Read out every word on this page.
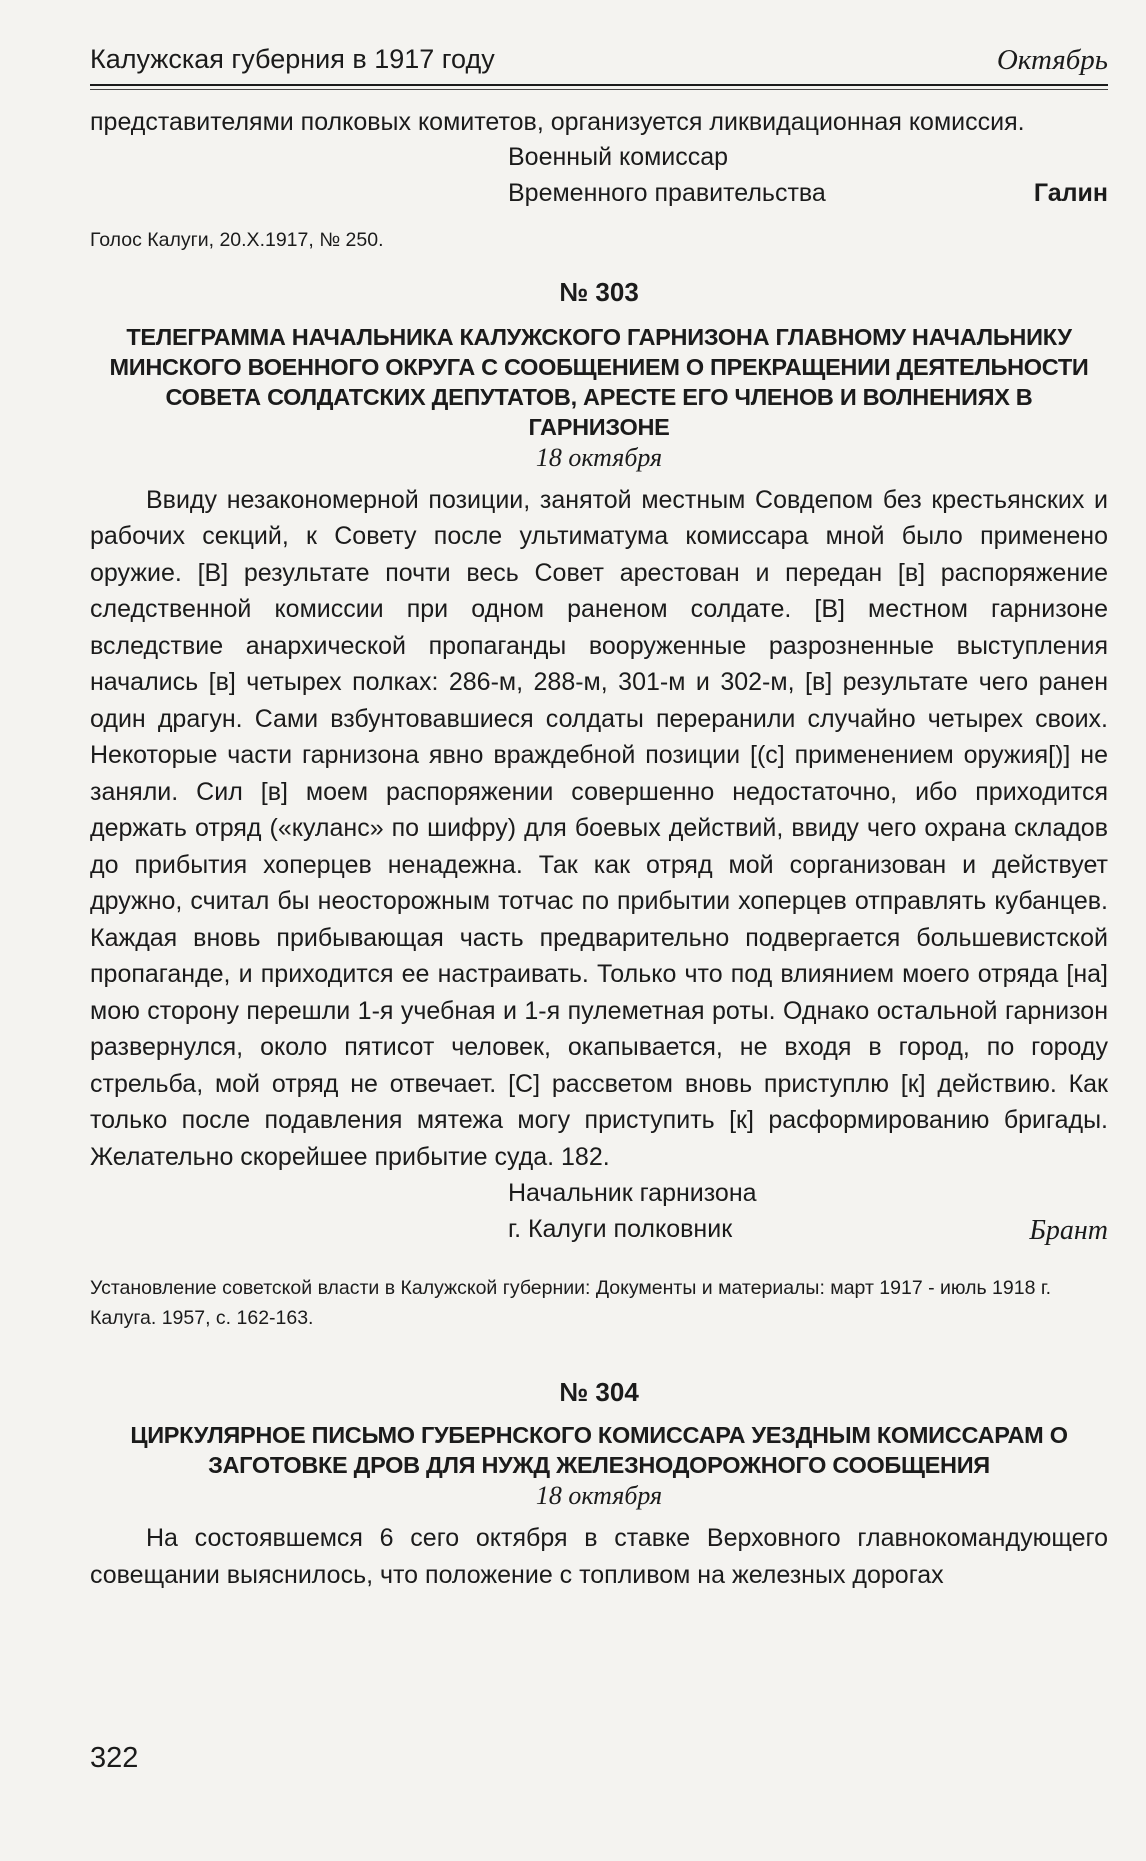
Калужская губерния в 1917 году	Октябрь

представителями полковых комитетов, организуется ликвидационная комиссия.

Военный комиссар
Временного правительства	Галин
Голос Калуги, 20.X.1917, № 250.
№ 303

ТЕЛЕГРАММА НАЧАЛЬНИКА КАЛУЖСКОГО ГАРНИЗОНА ГЛАВНОМУ НАЧАЛЬНИКУ МИНСКОГО ВОЕННОГО ОКРУГА С СООБЩЕНИЕМ О ПРЕКРАЩЕНИИ ДЕЯТЕЛЬНОСТИ СОВЕТА СОЛДАТСКИХ ДЕПУТАТОВ, АРЕСТЕ ЕГО ЧЛЕНОВ И ВОЛНЕНИЯХ В ГАРНИЗОНЕ

18 октября

Ввиду незакономерной позиции, занятой местным Совдепом без крестьянских и рабочих секций, к Совету после ультиматума комиссара мной было применено оружие. [В] результате почти весь Совет арестован и передан [в] распоряжение следственной комиссии при одном раненом солдате. [В] местном гарнизоне вследствие анархической пропаганды вооруженные разрозненные выступления начались [в] четырех полках: 286-м, 288-м, 301-м и 302-м, [в] результате чего ранен один драгун. Сами взбунтовавшиеся солдаты переранили случайно четырех своих. Некоторые части гарнизона явно враждебной позиции [(с] применением оружия[)] не заняли. Сил [в] моем распоряжении совершенно недостаточно, ибо приходится держать отряд («куланс» по шифру) для боевых действий, ввиду чего охрана складов до прибытия хоперцев ненадежна. Так как отряд мой сорганизован и действует дружно, считал бы неосторожным тотчас по прибытии хоперцев отправлять кубанцев. Каждая вновь прибывающая часть предварительно подвергается большевистской пропаганде, и приходится ее настраивать. Только что под влиянием моего отряда [на] мою сторону перешли 1-я учебная и 1-я пулеметная роты. Однако остальной гарнизон развернулся, около пятисот человек, окапывается, не входя в город, по городу стрельба, мой отряд не отвечает. [С] рассветом вновь приступлю [к] действию. Как только после подавления мятежа могу приступить [к] расформированию бригады. Желательно скорейшее прибытие суда. 182.

Начальник гарнизона
г. Калуги полковник	Брант
Установление советской власти в Калужской губернии: Документы и материалы: март 1917 - июль 1918 г. Калуга. 1957, с. 162-163.
№ 304

ЦИРКУЛЯРНОЕ ПИСЬМО ГУБЕРНСКОГО КОМИССАРА УЕЗДНЫМ КОМИССАРАМ О ЗАГОТОВКЕ ДРОВ ДЛЯ НУЖД ЖЕЛЕЗНОДОРОЖНОГО СООБЩЕНИЯ

18 октября

На состоявшемся 6 сего октября в ставке Верховного главнокомандующего совещании выяснилось, что положение с топливом на железных дорогах

322
